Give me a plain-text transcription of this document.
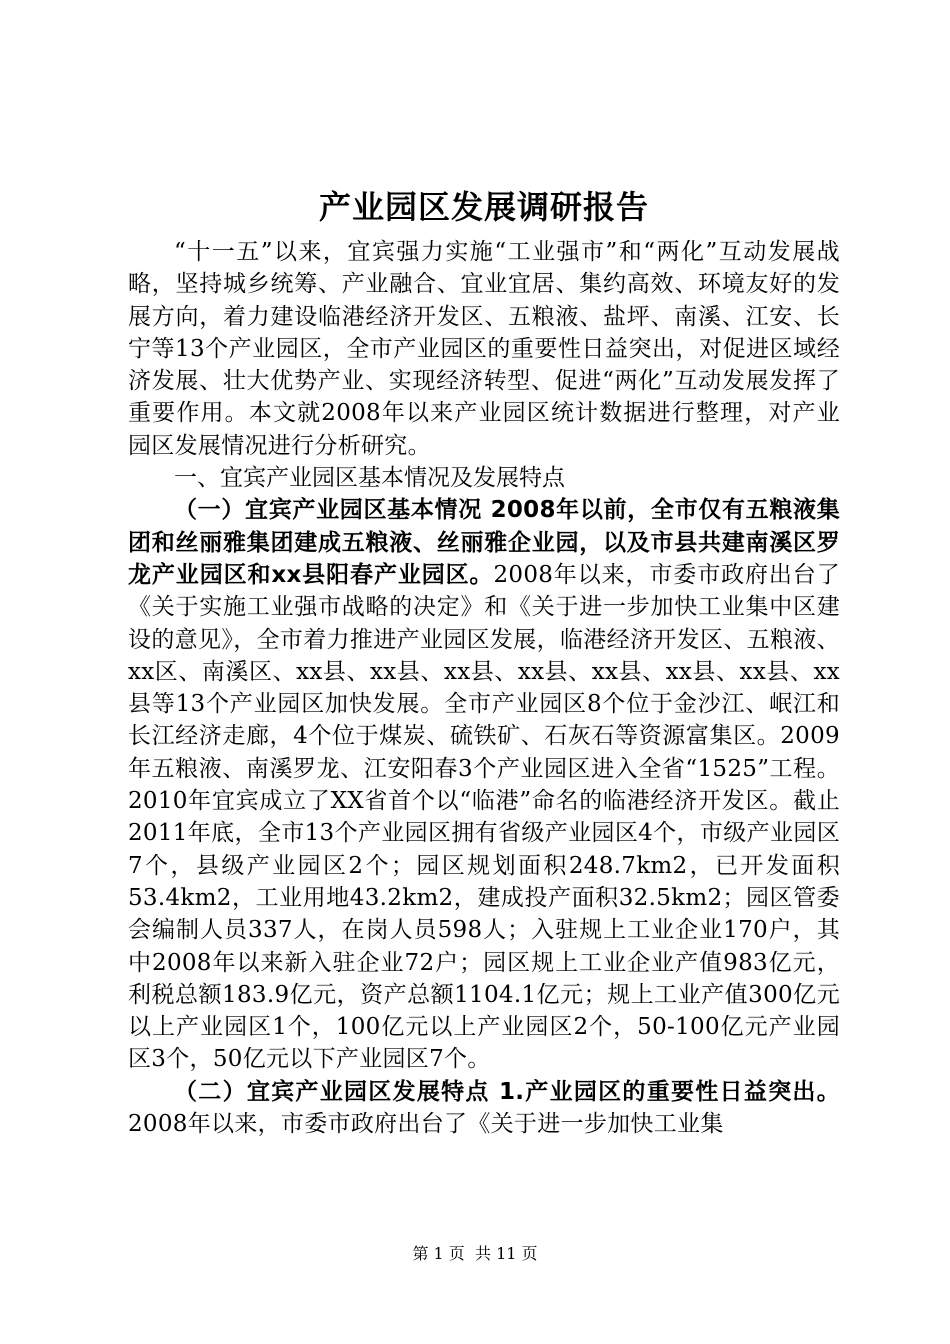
产业园区发展调研报告

“十一五”以来，宜宾强力实施“工业强市”和“两化”互动发展战略，坚持城乡统筹、产业融合、宜业宜居、集约高效、环境友好的发展方向，着力建设临港经济开发区、五粮液、盐坪、南溪、江安、长宁等13个产业园区，全市产业园区的重要性日益突出，对促进区域经济发展、壮大优势产业、实现经济转型、促进“两化”互动发展发挥了重要作用。本文就2008年以来产业园区统计数据进行整理，对产业园区发展情况进行分析研究。

一、宜宾产业园区基本情况及发展特点

（一）宜宾产业园区基本情况 2008年以前，全市仅有五粮液集团和丝丽雅集团建成五粮液、丝丽雅企业园，以及市县共建南溪区罗龙产业园区和xx县阳春产业园区。2008年以来，市委市政府出台了《关于实施工业强市战略的决定》和《关于进一步加快工业集中区建设的意见》，全市着力推进产业园区发展，临港经济开发区、五粮液、xx区、南溪区、xx县、xx县、xx县、xx县、xx县、xx县、xx县、xx县等13个产业园区加快发展。全市产业园区8个位于金沙江、岷江和长江经济走廊，4个位于煤炭、硫铁矿、石灰石等资源富集区。2009年五粮液、南溪罗龙、江安阳春3个产业园区进入全省“1525”工程。2010年宜宾成立了XX省首个以“临港”命名的临港经济开发区。截止2011年底，全市13个产业园区拥有省级产业园区4个，市级产业园区7个，县级产业园区2个；园区规划面积248.7km2，已开发面积53.4km2，工业用地43.2km2，建成投产面积32.5km2；园区管委会编制人员337人，在岗人员598人；入驻规上工业企业170户，其中2008年以来新入驻企业72户；园区规上工业企业产值983亿元，利税总额183.9亿元，资产总额1104.1亿元；规上工业产值300亿元以上产业园区1个，100亿元以上产业园区2个，50-100亿元产业园区3个，50亿元以下产业园区7个。

（二）宜宾产业园区发展特点 1.产业园区的重要性日益突出。2008年以来，市委市政府出台了《关于进一步加快工业集

第 1 页 共 11 页
